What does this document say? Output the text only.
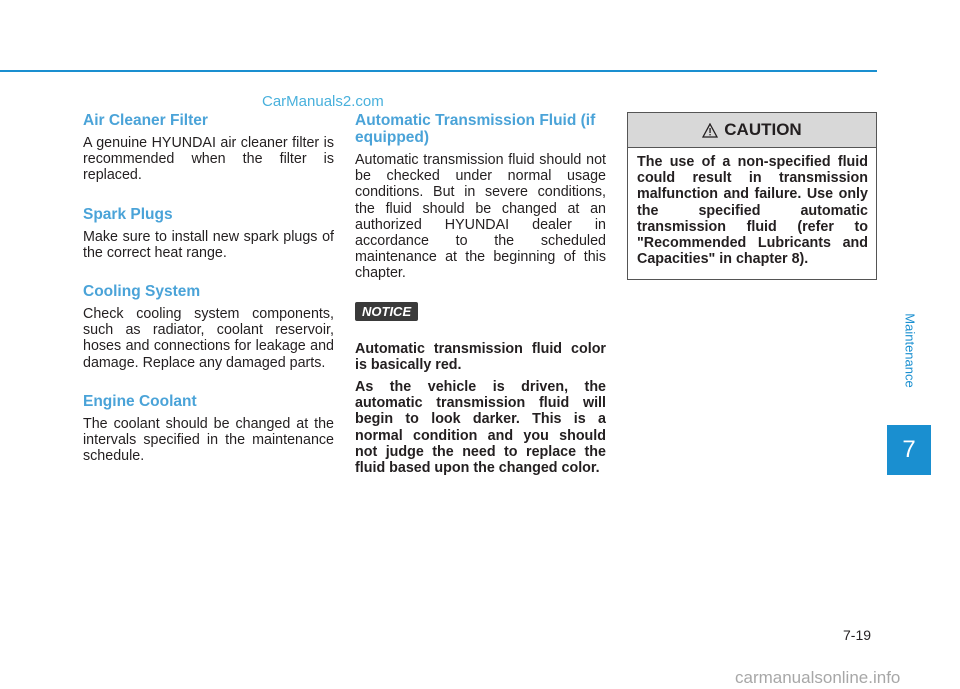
CarManuals2.com
Air Cleaner Filter

A genuine HYUNDAI air cleaner filter is recommended when the filter is replaced.

Spark Plugs

Make sure to install new spark plugs of the correct heat range.

Cooling System

Check cooling system components, such as radiator, coolant reservoir, hoses and connections for leakage and damage. Replace any damaged parts.

Engine Coolant

The coolant should be changed at the intervals specified in the maintenance schedule.

Automatic Transmission Fluid (if equipped)

Automatic transmission fluid should not be checked under normal usage conditions. But in severe conditions, the fluid should be changed at an authorized HYUNDAI dealer in accordance to the scheduled maintenance at the beginning of this chapter.

NOTICE

Automatic transmission fluid color is basically red.

As the vehicle is driven, the automatic transmission fluid will begin to look darker. This is a normal condition and you should not judge the need to replace the fluid based upon the changed color.

CAUTION
The use of a non-specified fluid could result in transmission malfunction and failure. Use only the specified automatic transmission fluid (refer to "Recommended Lubricants and Capacities" in chapter 8).
Maintenance
7
7-19
carmanualsonline.info
